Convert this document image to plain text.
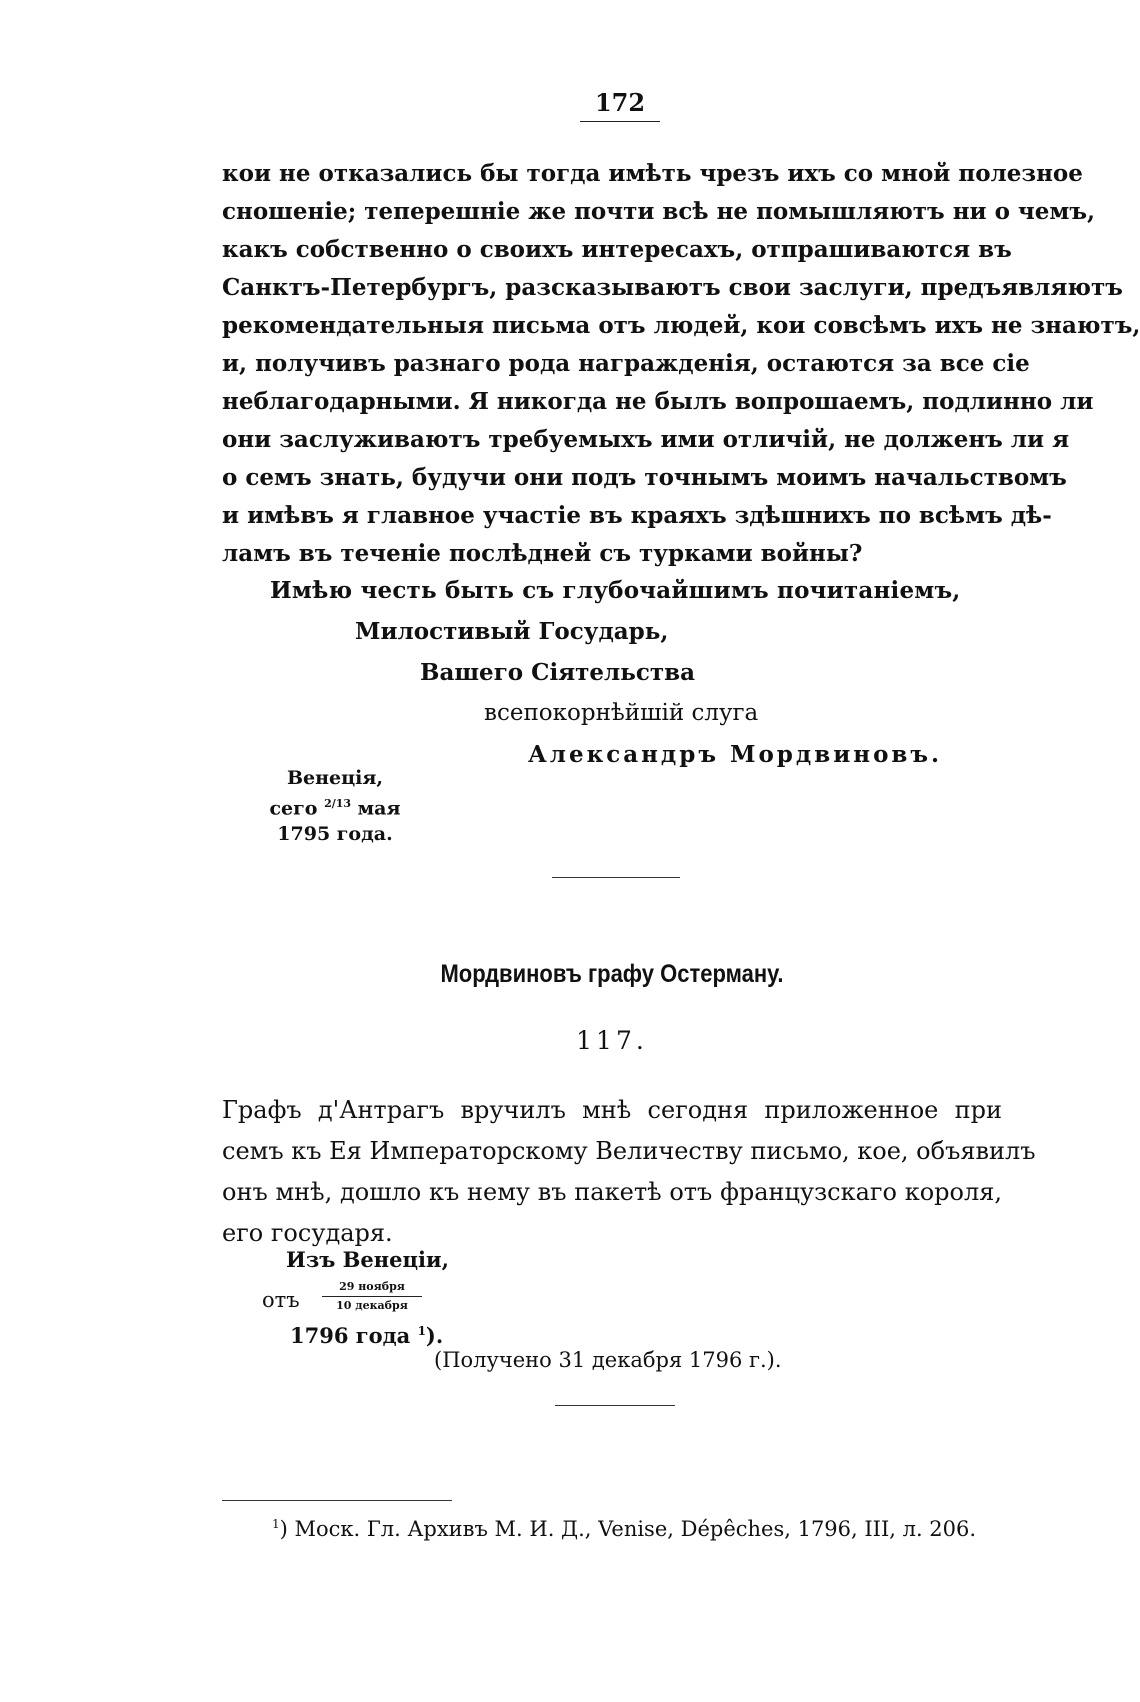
172
кои не отказались бы тогда имѣть чрезъ ихъ со мной полезное
сношеніе; теперешніе же почти всѣ не помышляютъ ни о чемъ,
какъ собственно о своихъ интересахъ, отпрашиваются въ
Санктъ-Петербургъ, разсказываютъ свои заслуги, предъявляютъ
рекомендательныя письма отъ людей, кои совсѣмъ ихъ не знаютъ,
и, получивъ разнаго рода награжденія, остаются за все сіе
неблагодарными. Я никогда не былъ вопрошаемъ, подлинно ли
они заслуживаютъ требуемыхъ ими отличій, не долженъ ли я
о семъ знать, будучи они подъ точнымъ моимъ начальствомъ
и имѣвъ я главное участіе въ краяхъ здѣшнихъ по всѣмъ дѣ-
ламъ въ теченіе послѣдней съ турками войны?
Имѣю честь быть съ глубочайшимъ почитаніемъ,
Милостивый Государь,
Вашего Сіятельства
всепокорнѣйшій слуга
Александръ Мордвиновъ.
Венеція,
сего $^{2/13}$ мая
1795 года.
Мордвиновъ графу Остерману.
117.
Графъ д'Антрагъ вручилъ мнѣ сегодня приложенное при
семъ къ Ея Императорскому Величеству письмо, кое, объявилъ
онъ мнѣ, дошло къ нему въ пакетѣ отъ французскаго короля,
его государя.
Изъ Венеціи,
отъ
29 ноября
10 декабря
1796 года $^1$).
(Получено 31 декабря 1796 г.).
$^1$) Моск. Гл. Архивъ М. И. Д., Venise, Dépêches, 1796, III, л. 206.
